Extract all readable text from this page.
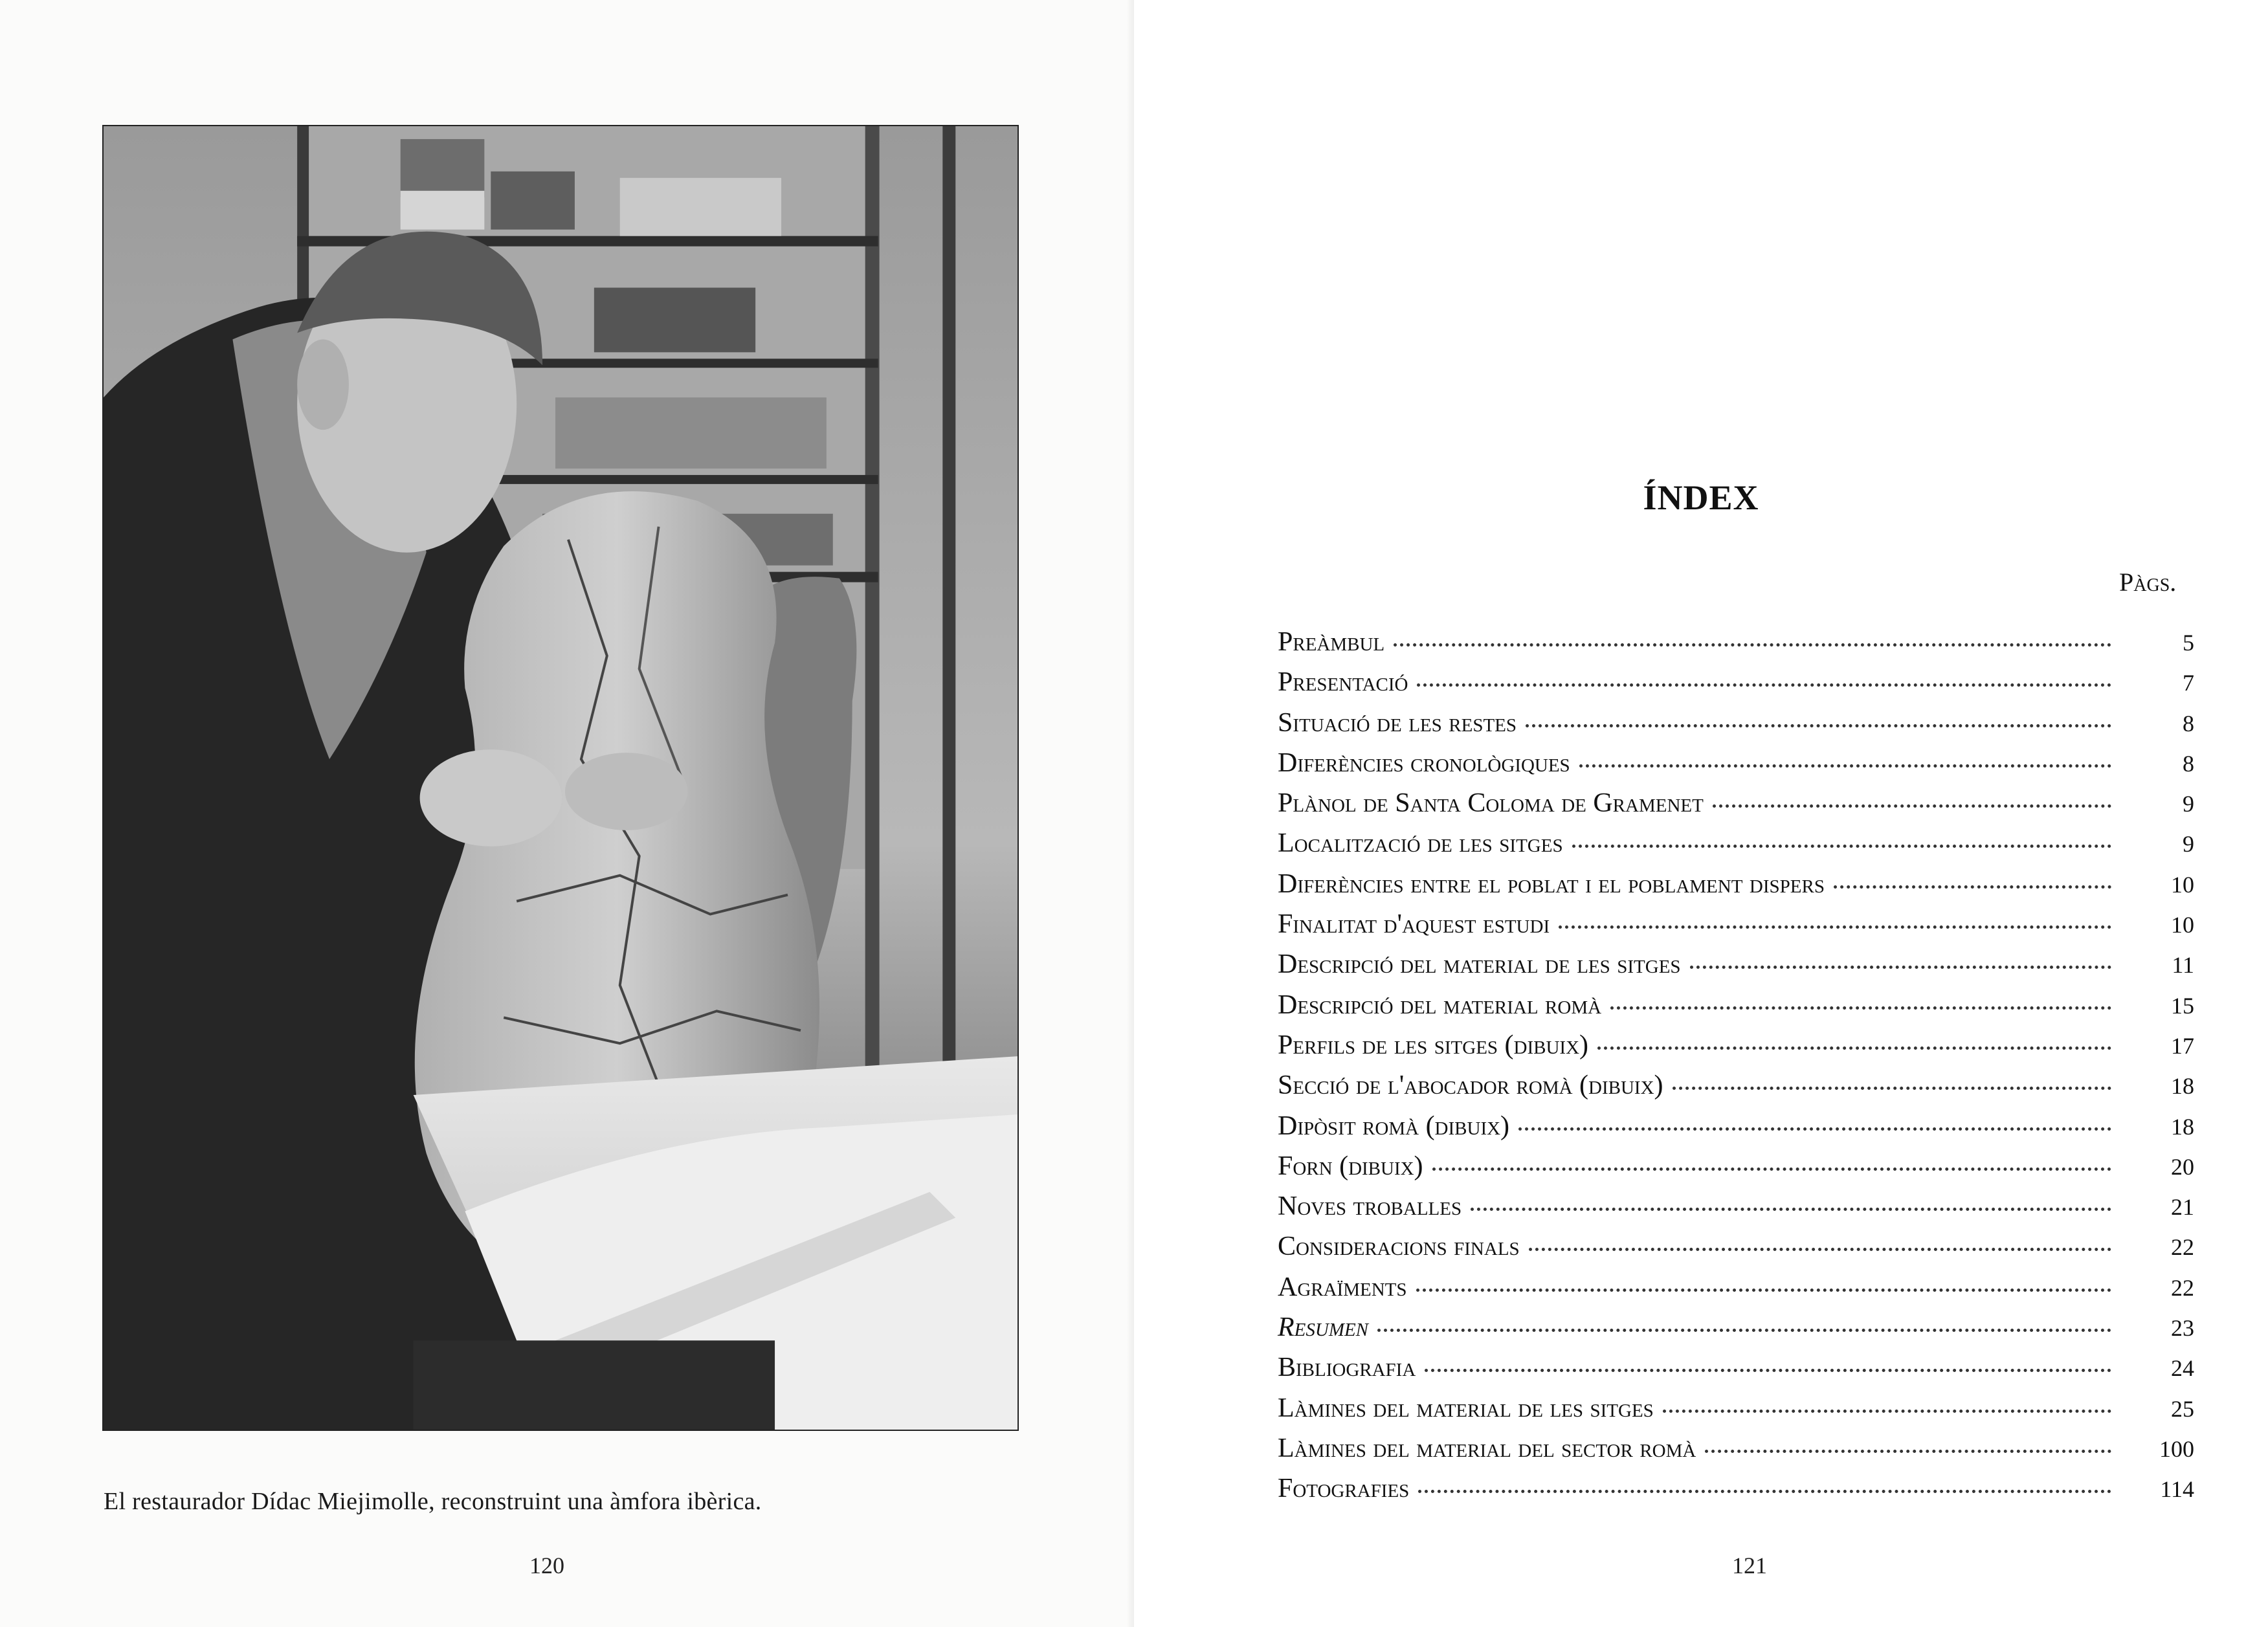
El restaurador Dídac Miejimolle, reconstruint una àmfora ibèrica.
120
ÍNDEX
Pàgs.
Preàmbul	5
Presentació	7
Situació de les restes	8
Diferències cronològiques	8
Plànol de Santa Coloma de Gramenet	9
Localització de les sitges	9
Diferències entre el poblat i el poblament dispers	10
Finalitat d'aquest estudi	10
Descripció del material de les sitges	11
Descripció del material romà	15
Perfils de les sitges (dibuix)	17
Secció de l'abocador romà (dibuix)	18
Dipòsit romà (dibuix)	18
Forn (dibuix)	20
Noves troballes	21
Consideracions finals	22
Agraïments	22
Resumen	23
Bibliografia	24
Làmines del material de les sitges	25
Làmines del material del sector romà	100
Fotografies	114
121
